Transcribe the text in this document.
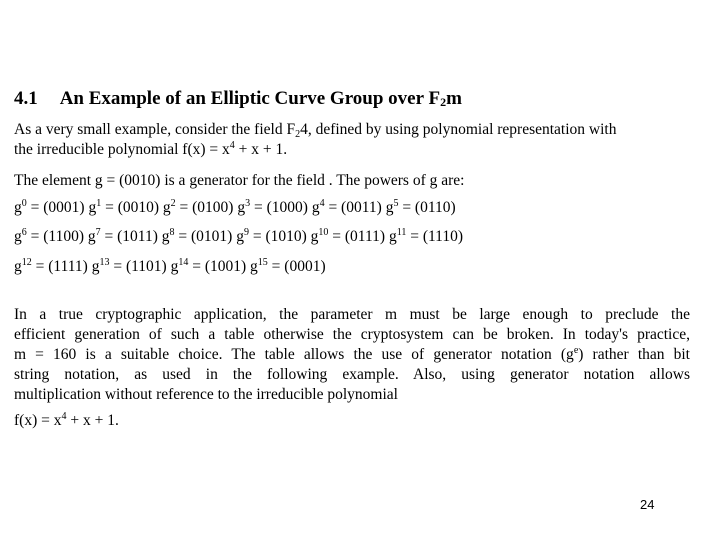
4.1 An Example of an Elliptic Curve Group over $F_2m$
As a very small example, consider the field $F_24$, defined by using polynomial representation with
the irreducible polynomial $f(x) = x^4 + x + 1$.
The element g = (0010) is a generator for the field . The powers of g are:
$g^0 = (0001) g^1 = (0010) g^2 = (0100) g^3 = (1000) g^4 = (0011) g^5 = (0110)$
$g^6 = (1100) g^7 = (1011) g^8 = (0101) g^9 = (1010) g^{10} = (0111) g^{11} = (1110)$
$g^{12} = (1111) g^{13} = (1101) g^{14} = (1001) g^{15} = (0001)$
In a true cryptographic application, the parameter m must be large enough to preclude the
efficient generation of such a table otherwise the cryptosystem can be broken. In today's practice,
m = 160 is a suitable choice. The table allows the use of generator notation $(g^e)$ rather than bit
string notation, as used in the following example. Also, using generator notation allows
multiplication without reference to the irreducible polynomial
$f(x) = x^4 + x + 1$.
24
